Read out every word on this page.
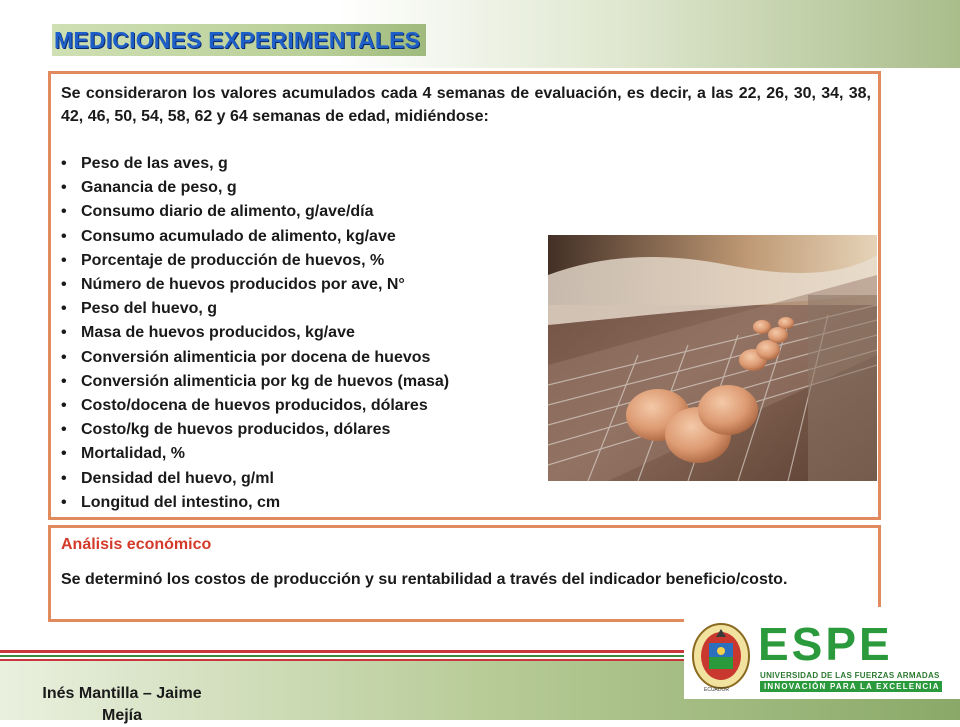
MEDICIONES EXPERIMENTALES

Se consideraron los valores acumulados cada 4 semanas de evaluación, es decir, a las 22, 26, 30, 34, 38, 42, 46, 50, 54, 58, 62 y 64 semanas de edad, midiéndose:

• Peso de las aves, g
• Ganancia de peso, g
• Consumo diario de alimento, g/ave/día
• Consumo acumulado de alimento, kg/ave
• Porcentaje de producción de huevos, %
• Número de huevos producidos por ave, N°
• Peso del huevo, g
• Masa de huevos producidos, kg/ave
• Conversión alimenticia por docena de huevos
• Conversión alimenticia por kg de huevos (masa)
• Costo/docena de huevos producidos, dólares
• Costo/kg de huevos producidos, dólares
• Mortalidad, %
• Densidad del huevo, g/ml
• Longitud del intestino, cm

Análisis económico

Se determinó los costos de producción y su rentabilidad a través del indicador beneficio/costo.

Inés Mantilla – Jaime Mejía

ECUADOR
ESPE
UNIVERSIDAD DE LAS FUERZAS ARMADAS
INNOVACIÓN PARA LA EXCELENCIA
